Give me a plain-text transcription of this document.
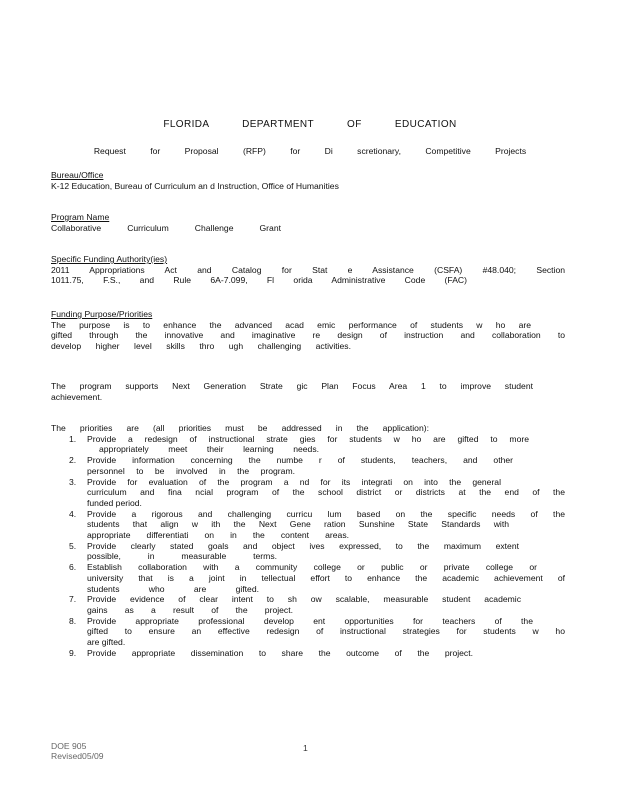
FLORIDA DEPARTMENT OF EDUCATION
Request for Proposal (RFP) for Di scretionary, Competitive Projects
Bureau/Office
K-12 Education, Bureau of Curriculum an d Instruction, Office of Humanities
Program Name
Collaborative Curriculum Challenge Grant
Specific Funding Authority(ies)
2011 Appropriations Act and Catalog for Stat e Assistance (CSFA) #48.040; Section
1011.75, F.S., and Rule 6A-7.099, Fl orida Administrative Code (FAC)
Funding Purpose/Priorities
The purpose is to enhance the advanced acad emic performance of students w ho are
gifted through the innovative and imaginative re design of instruction and collaboration to
develop higher level skills thro ugh challenging activities.
The program supports Next Generation Strate gic Plan Focus Area 1 to improve student
achievement.
The priorities are (all priorities must be addressed in the application):
1. Provide a redesign of instructional strate gies for students w ho are gifted to more
appropriately meet their learning needs.
2. Provide information concerning the numbe r of students, teachers, and other
personnel to be involved in the program.
3. Provide for evaluation of the program a nd for its integrati on into the general
curriculum and fina ncial program of the school district or districts at the end of the
funded period.
4. Provide a rigorous and challenging curricu lum based on the specific needs of the
students that align w ith the Next Gene ration Sunshine State Standards with
appropriate differentiati on in the content areas.
5. Provide clearly stated goals and object ives expressed, to the maximum extent
possible, in measurable terms.
6. Establish collaboration with a community college or public or private college or
university that is a joint in tellectual effort to enhance the academic achievement of
students who are gifted.
7. Provide evidence of clear intent to sh ow scalable, measurable student academic
gains as a result of the project.
8. Provide appropriate professional develop ent opportunities for teachers of the
gifted to ensure an effective redesign of instructional strategies for students w ho
are gifted.
9. Provide appropriate dissemination to share the outcome of the project.
DOE 905
Revised05/09
1
